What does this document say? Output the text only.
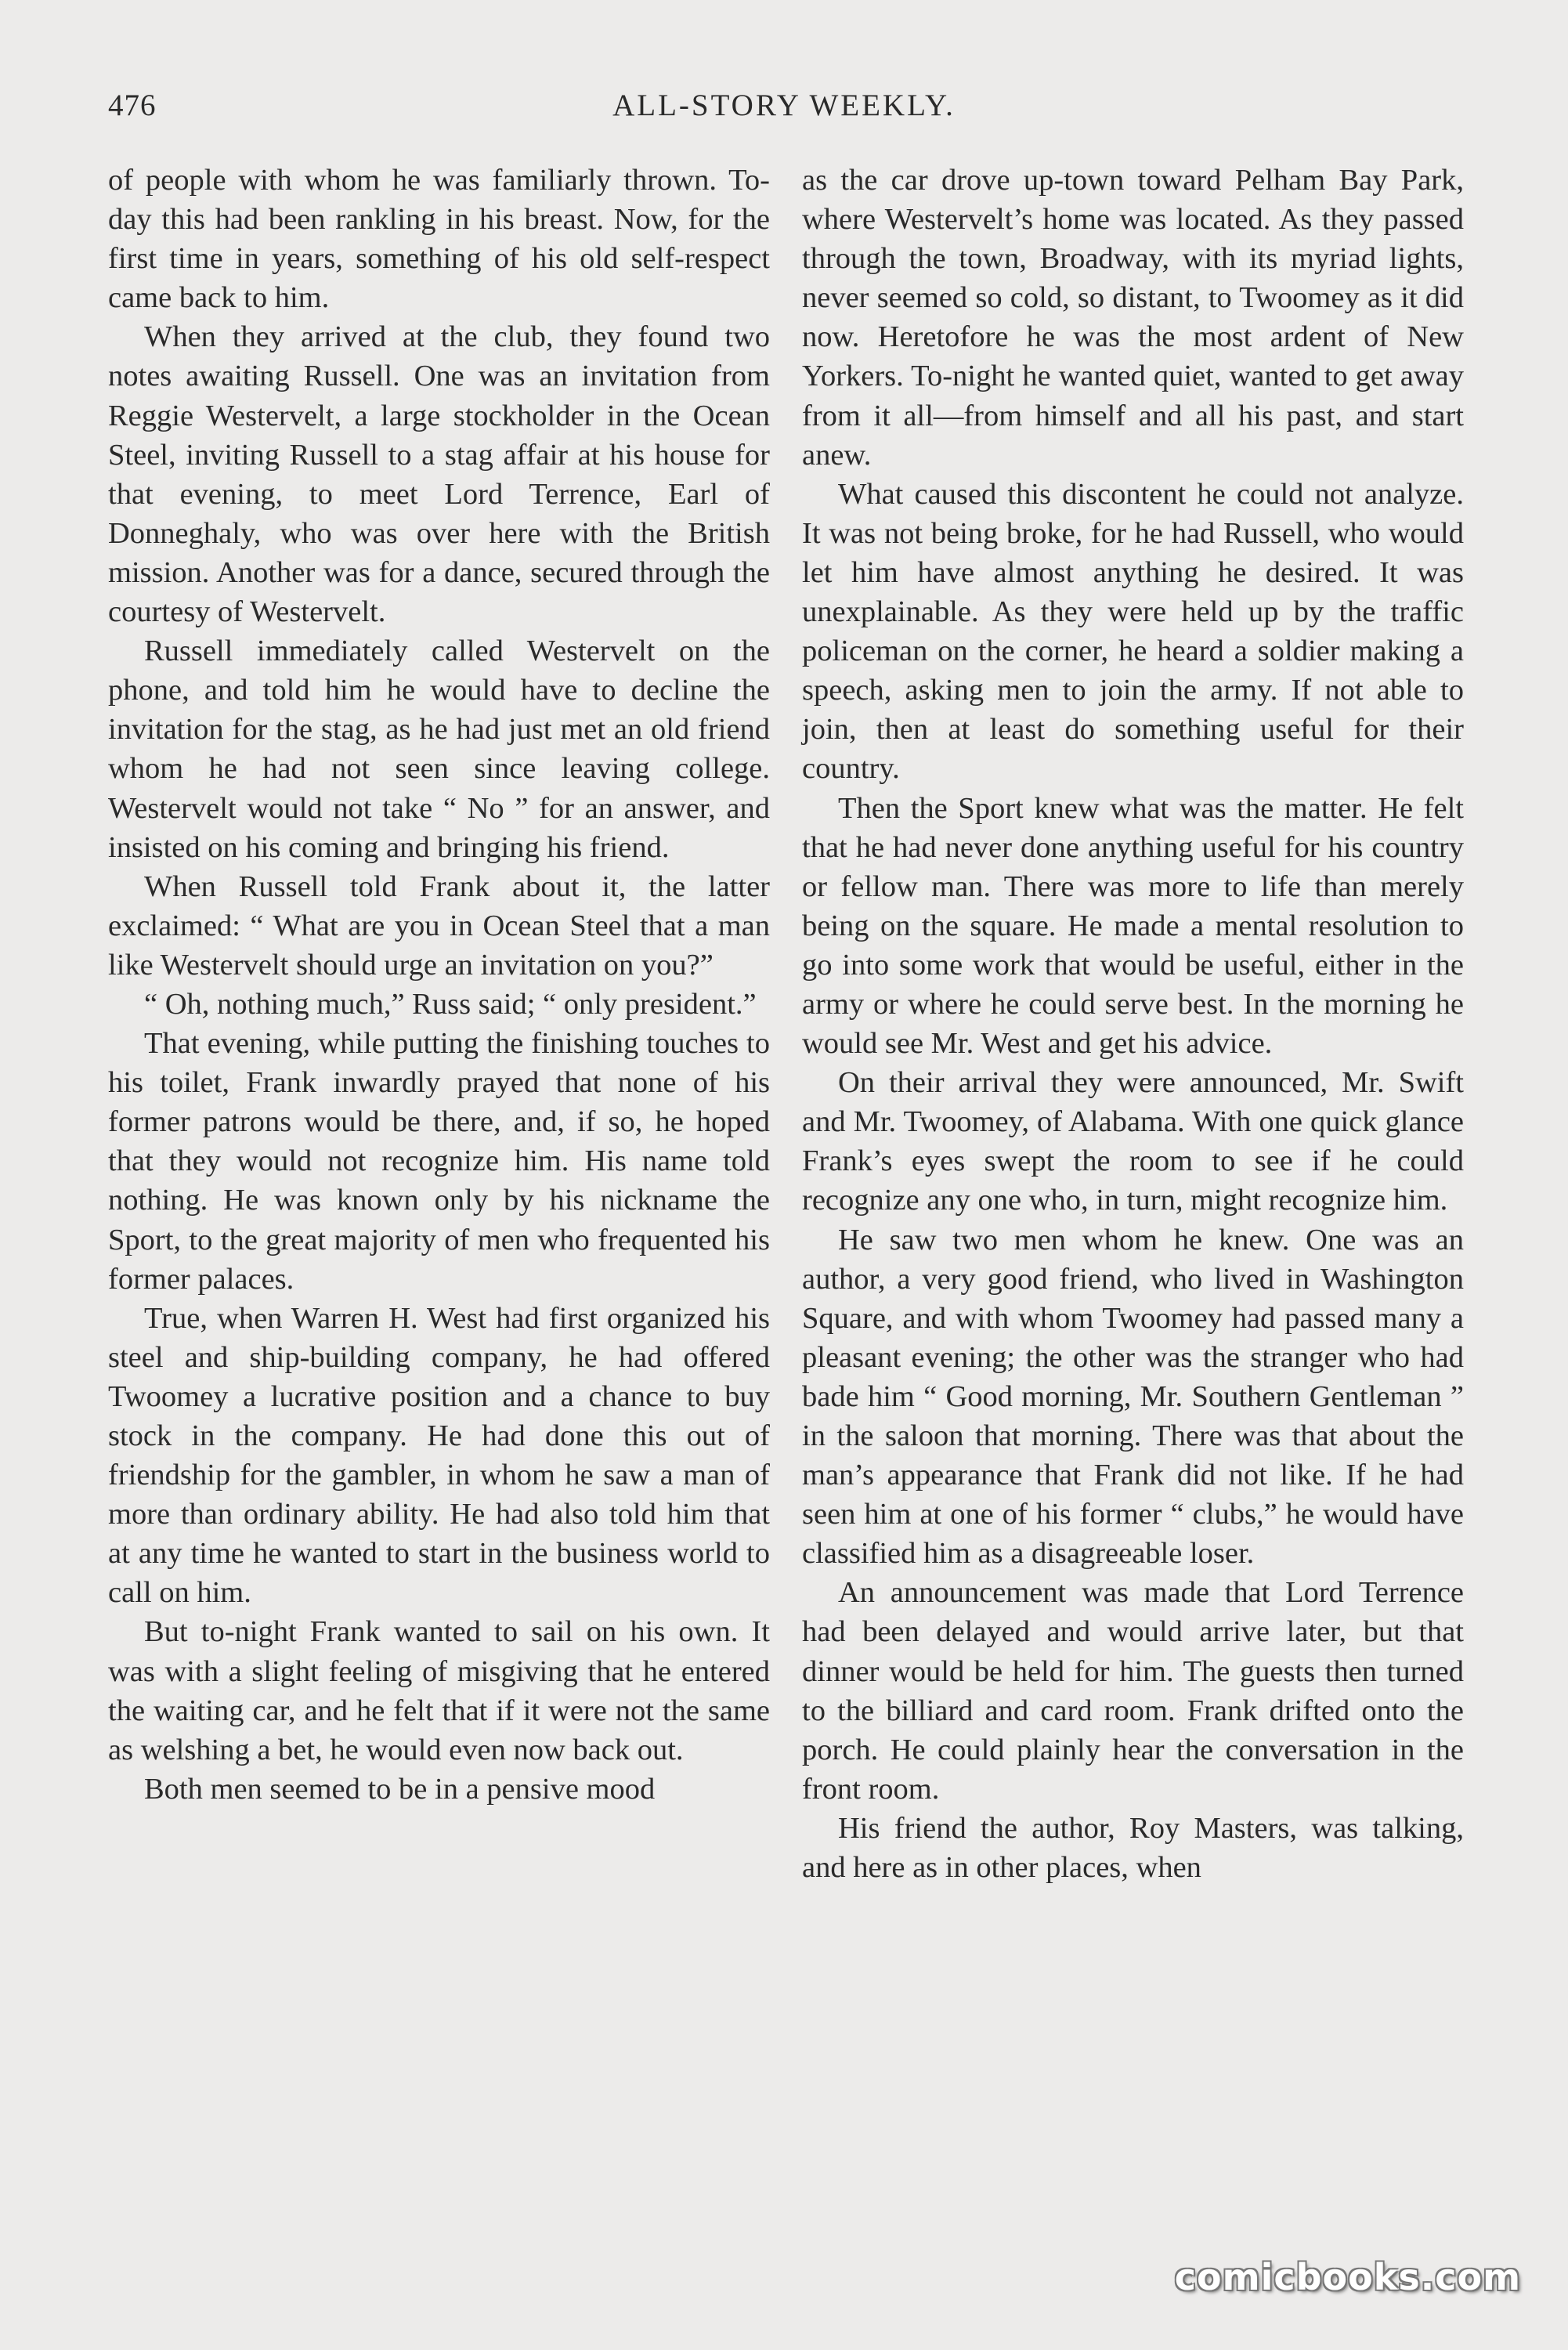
476	ALL-STORY WEEKLY.

of people with whom he was familiarly thrown. To-day this had been rankling in his breast. Now, for the first time in years, something of his old self-respect came back to him.

When they arrived at the club, they found two notes awaiting Russell. One was an invitation from Reggie Westervelt, a large stockholder in the Ocean Steel, inviting Russell to a stag affair at his house for that evening, to meet Lord Terrence, Earl of Donneghaly, who was over here with the British mission. Another was for a dance, secured through the courtesy of Westervelt.

Russell immediately called Westervelt on the phone, and told him he would have to decline the invitation for the stag, as he had just met an old friend whom he had not seen since leaving college. Westervelt would not take “ No ” for an answer, and insisted on his coming and bringing his friend.

When Russell told Frank about it, the latter exclaimed: “ What are you in Ocean Steel that a man like Westervelt should urge an invitation on you?”

“ Oh, nothing much,” Russ said; “ only president.”

That evening, while putting the finishing touches to his toilet, Frank inwardly prayed that none of his former patrons would be there, and, if so, he hoped that they would not recognize him. His name told nothing. He was known only by his nickname the Sport, to the great majority of men who frequented his former palaces.

True, when Warren H. West had first organized his steel and ship-building company, he had offered Twoomey a lucrative position and a chance to buy stock in the company. He had done this out of friendship for the gambler, in whom he saw a man of more than ordinary ability. He had also told him that at any time he wanted to start in the business world to call on him.

But to-night Frank wanted to sail on his own. It was with a slight feeling of misgiving that he entered the waiting car, and he felt that if it were not the same as welshing a bet, he would even now back out.

Both men seemed to be in a pensive mood

as the car drove up-town toward Pelham Bay Park, where Westervelt’s home was located. As they passed through the town, Broadway, with its myriad lights, never seemed so cold, so distant, to Twoomey as it did now. Heretofore he was the most ardent of New Yorkers. To-night he wanted quiet, wanted to get away from it all—from himself and all his past, and start anew.

What caused this discontent he could not analyze. It was not being broke, for he had Russell, who would let him have almost anything he desired. It was unexplainable. As they were held up by the traffic policeman on the corner, he heard a soldier making a speech, asking men to join the army. If not able to join, then at least do something useful for their country.

Then the Sport knew what was the matter. He felt that he had never done anything useful for his country or fellow man. There was more to life than merely being on the square. He made a mental resolution to go into some work that would be useful, either in the army or where he could serve best. In the morning he would see Mr. West and get his advice.

On their arrival they were announced, Mr. Swift and Mr. Twoomey, of Alabama. With one quick glance Frank’s eyes swept the room to see if he could recognize any one who, in turn, might recognize him.

He saw two men whom he knew. One was an author, a very good friend, who lived in Washington Square, and with whom Twoomey had passed many a pleasant evening; the other was the stranger who had bade him “ Good morning, Mr. Southern Gentleman ” in the saloon that morning. There was that about the man’s appearance that Frank did not like. If he had seen him at one of his former “ clubs,” he would have classified him as a disagreeable loser.

An announcement was made that Lord Terrence had been delayed and would arrive later, but that dinner would be held for him. The guests then turned to the billiard and card room. Frank drifted onto the porch. He could plainly hear the conversation in the front room.

His friend the author, Roy Masters, was talking, and here as in other places, when

comicbooks.com
